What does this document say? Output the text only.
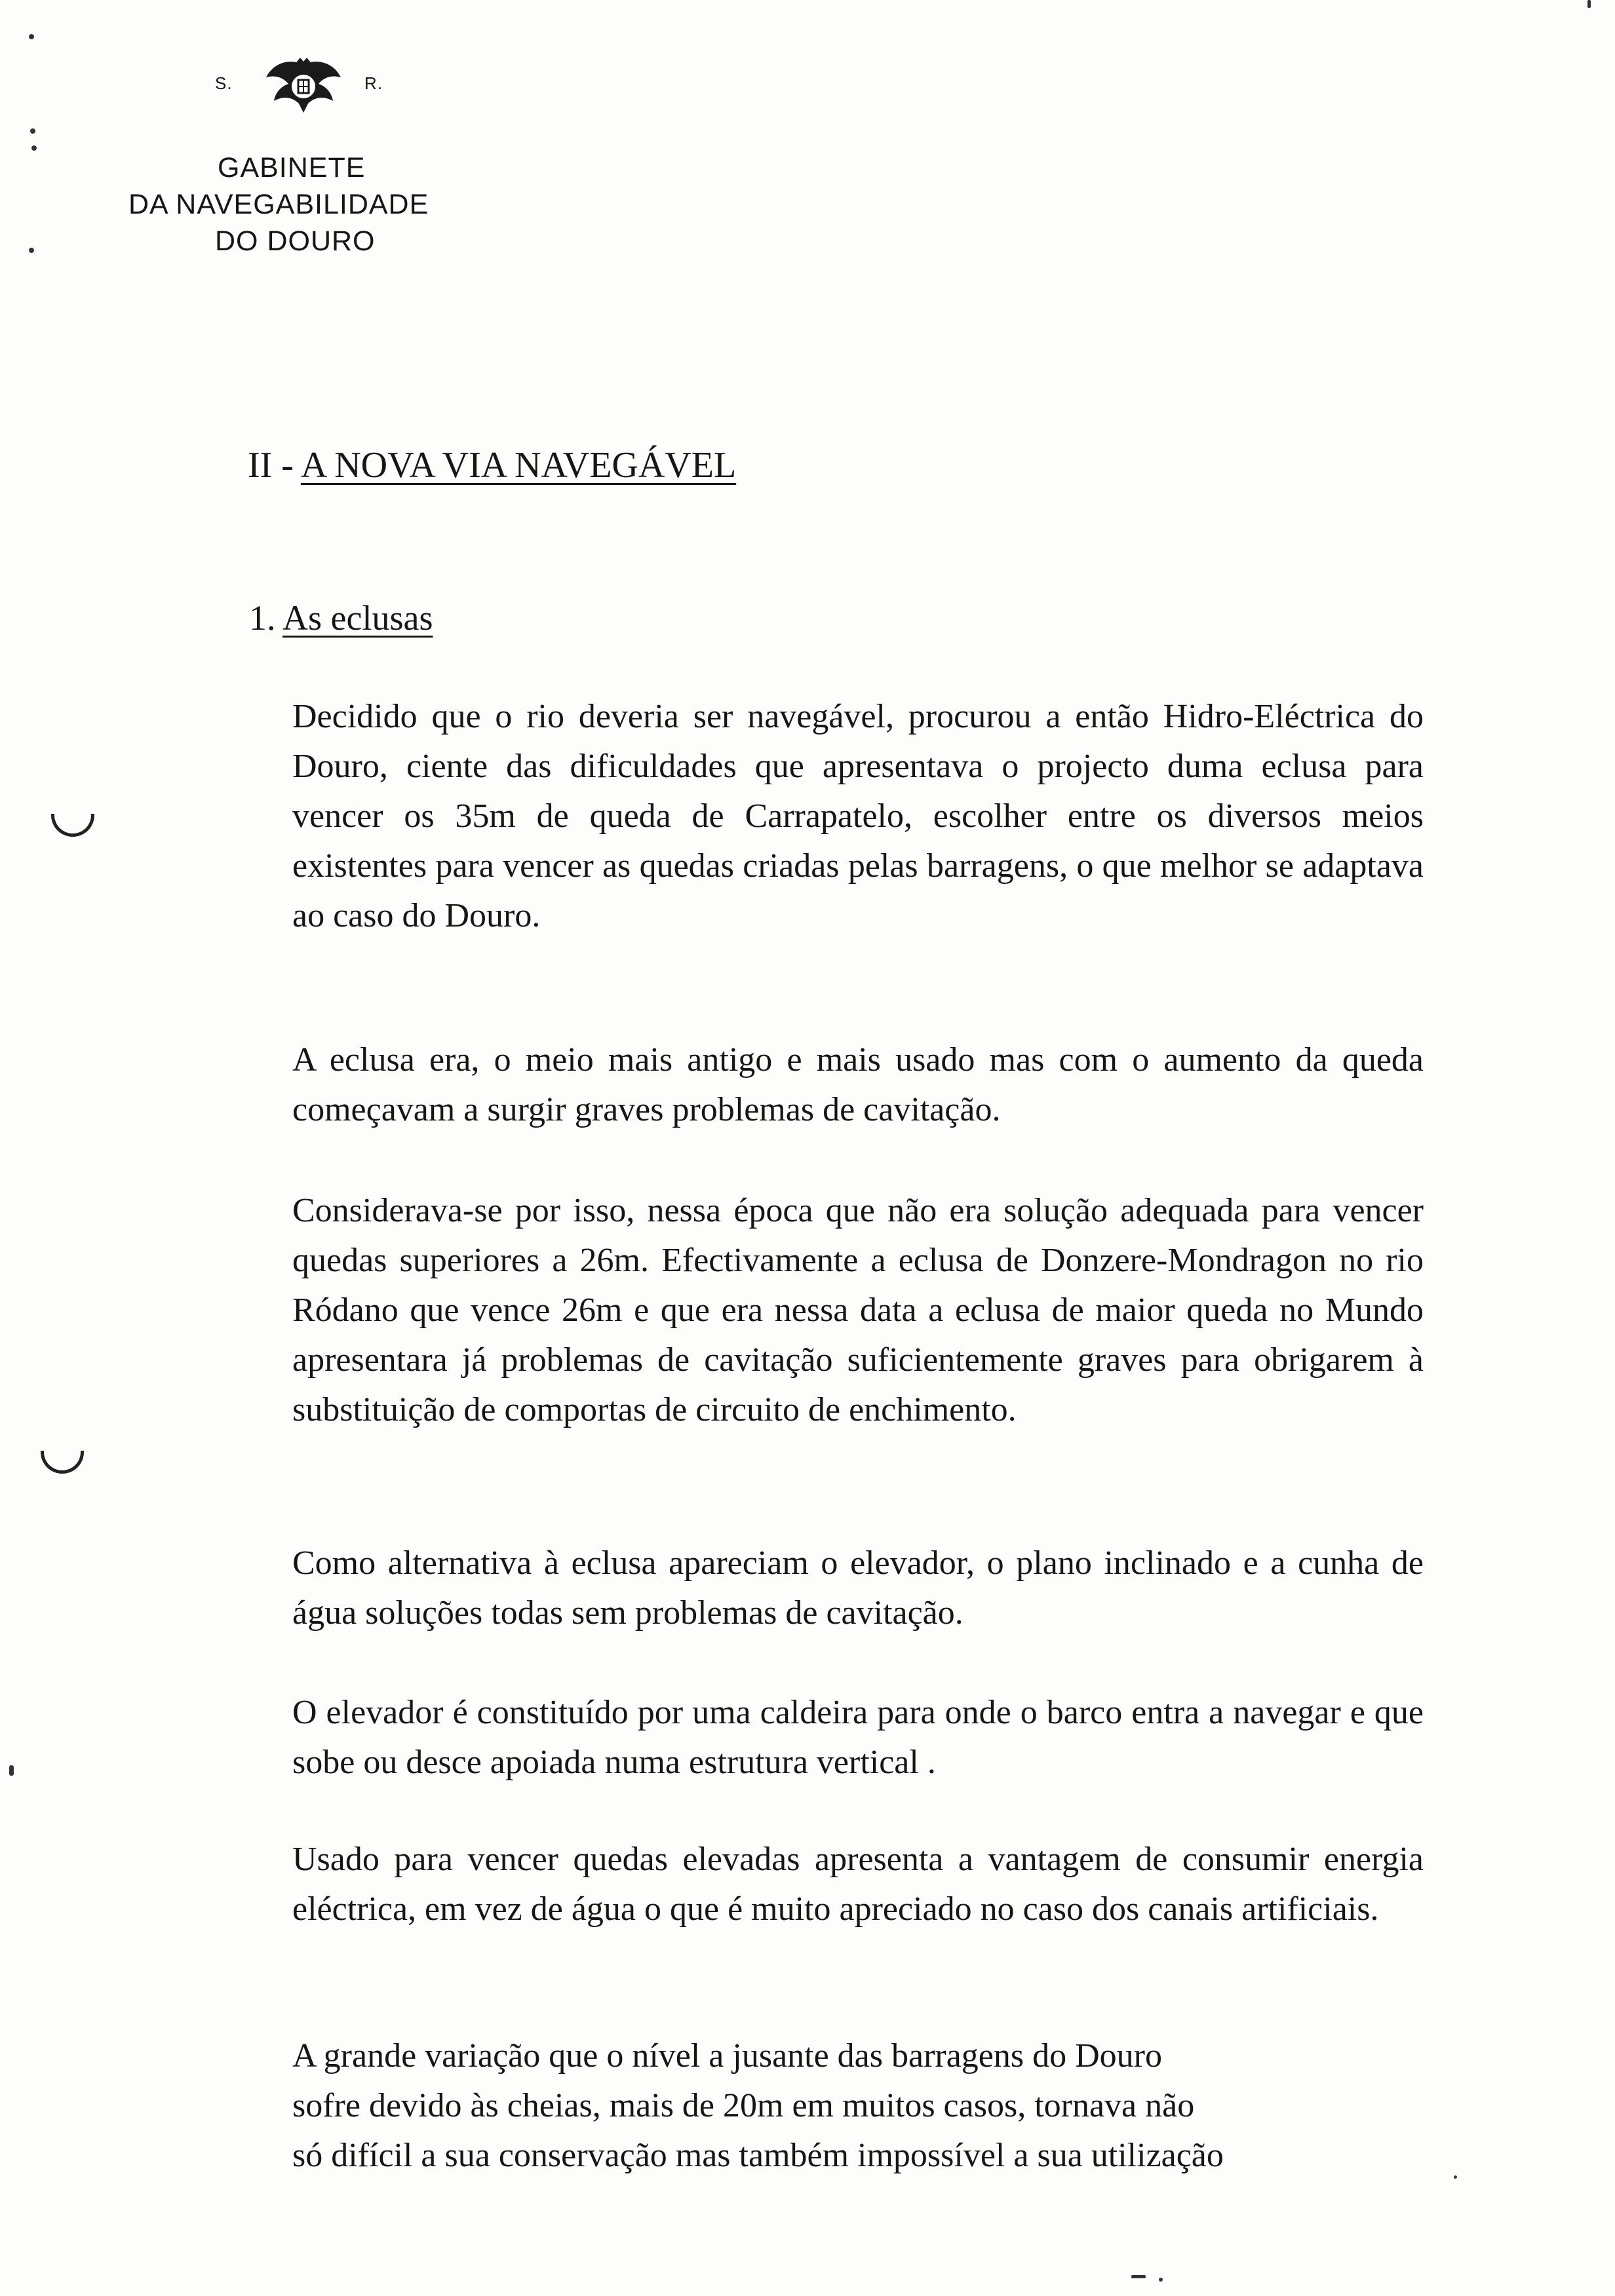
S.	R.
GABINETE
DA NAVEGABILIDADE
DO DOURO
II - A NOVA VIA NAVEGÁVEL
1. As eclusas

Decidido que o rio deveria ser navegável, procurou a então Hidro-Eléctrica do Douro, ciente das dificuldades que apresentava o projecto duma eclusa para vencer os 35m de queda de Carrapatelo, escolher entre os diversos meios existentes para vencer as quedas criadas pelas barragens, o que melhor se adaptava ao caso do Douro.

A eclusa era, o meio mais antigo e mais usado mas com o aumento da queda começavam a surgir graves problemas de cavitação.

Considerava-se por isso, nessa época que não era solução adequada para vencer quedas superiores a 26m. Efectivamente a eclusa de Donzere-Mondragon no rio Ródano que vence 26m e que era nessa data a eclusa de maior queda no Mundo apresentara já problemas de cavitação suficientemente graves para obrigarem à substituição de comportas de circuito de enchimento.

Como alternativa à eclusa apareciam o elevador, o plano inclinado e a cunha de água soluções todas sem problemas de cavitação.

O elevador é constituído por uma caldeira para onde o barco entra a navegar e que sobe ou desce apoiada numa estrutura vertical .

Usado para vencer quedas elevadas apresenta a vantagem de consumir energia eléctrica, em vez de água o que é muito apreciado no caso dos canais artificiais.

A grande variação que o nível a jusante das barragens do Douro

sofre devido às cheias, mais de 20m em muitos casos, tornava não

só difícil a sua conservação mas também impossível a sua utilização
